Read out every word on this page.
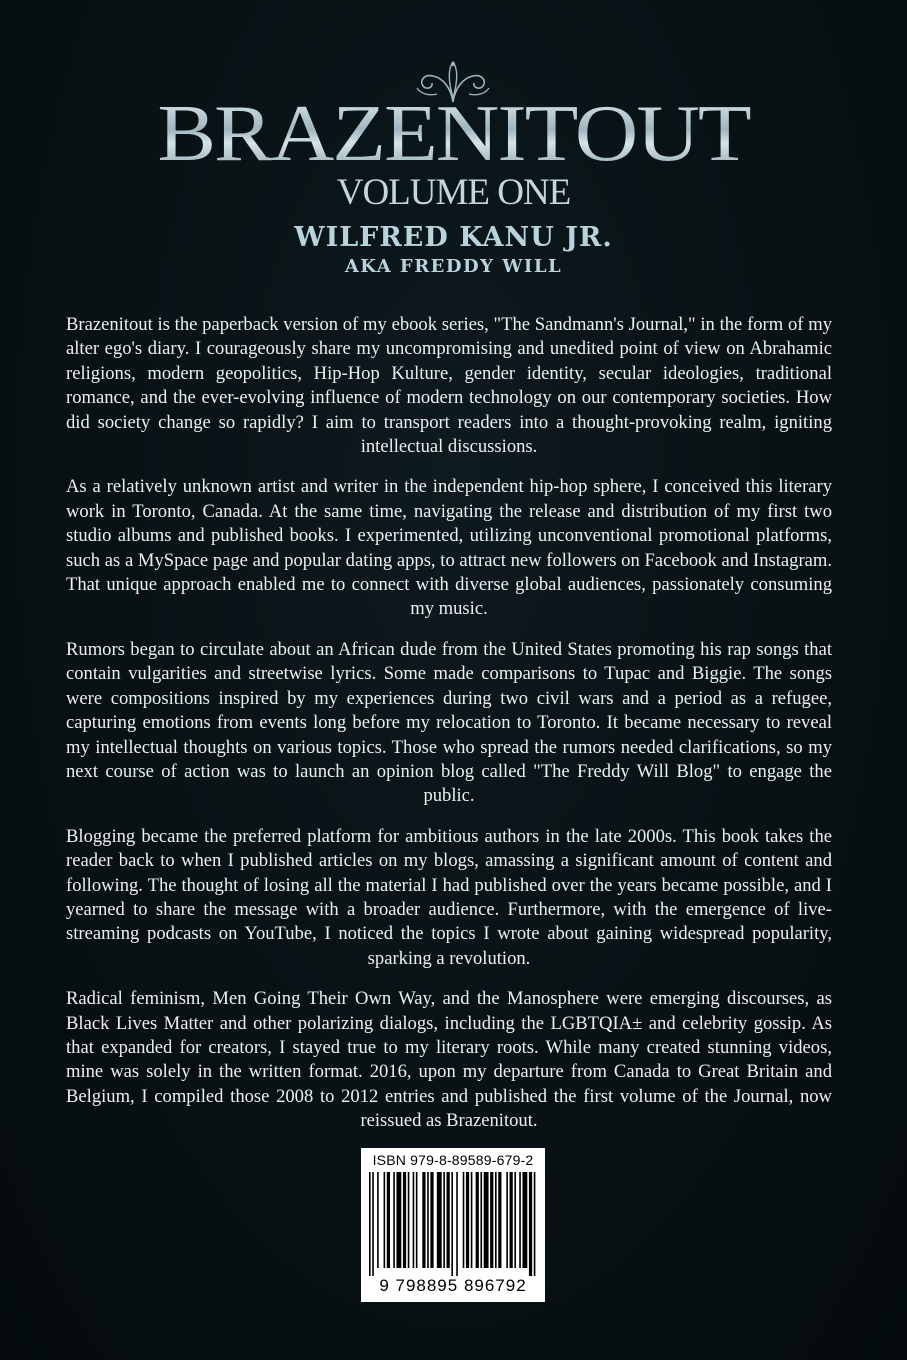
BRAZENITOUT
VOLUME ONE
WILFRED KANU JR.
AKA FREDDY WILL

Brazenitout is the paperback version of my ebook series, "The Sandmann's Journal," in the form of my alter ego's diary. I courageously share my uncompromising and unedited point of view on Abrahamic religions, modern geopolitics, Hip-Hop Kulture, gender identity, secular ideologies, traditional romance, and the ever-evolving influence of modern technology on our contemporary societies. How did society change so rapidly? I aim to transport readers into a thought-provoking realm, igniting intellectual discussions.

As a relatively unknown artist and writer in the independent hip-hop sphere, I conceived this literary work in Toronto, Canada. At the same time, navigating the release and distribution of my first two studio albums and published books. I experimented, utilizing unconventional promotional platforms, such as a MySpace page and popular dating apps, to attract new followers on Facebook and Instagram. That unique approach enabled me to connect with diverse global audiences, passionately consuming my music.

Rumors began to circulate about an African dude from the United States promoting his rap songs that contain vulgarities and streetwise lyrics. Some made comparisons to Tupac and Biggie. The songs were compositions inspired by my experiences during two civil wars and a period as a refugee, capturing emotions from events long before my relocation to Toronto. It became necessary to reveal my intellectual thoughts on various topics. Those who spread the rumors needed clarifications, so my next course of action was to launch an opinion blog called "The Freddy Will Blog" to engage the public.

Blogging became the preferred platform for ambitious authors in the late 2000s. This book takes the reader back to when I published articles on my blogs, amassing a significant amount of content and following. The thought of losing all the material I had published over the years became possible, and I yearned to share the message with a broader audience. Furthermore, with the emergence of live-streaming podcasts on YouTube, I noticed the topics I wrote about gaining widespread popularity, sparking a revolution.

Radical feminism, Men Going Their Own Way, and the Manosphere were emerging discourses, as Black Lives Matter and other polarizing dialogs, including the LGBTQIA± and celebrity gossip. As that expanded for creators, I stayed true to my literary roots. While many created stunning videos, mine was solely in the written format. 2016, upon my departure from Canada to Great Britain and Belgium, I compiled those 2008 to 2012 entries and published the first volume of the Journal, now reissued as Brazenitout.

ISBN 979-8-89589-679-2
9 798895 896792
